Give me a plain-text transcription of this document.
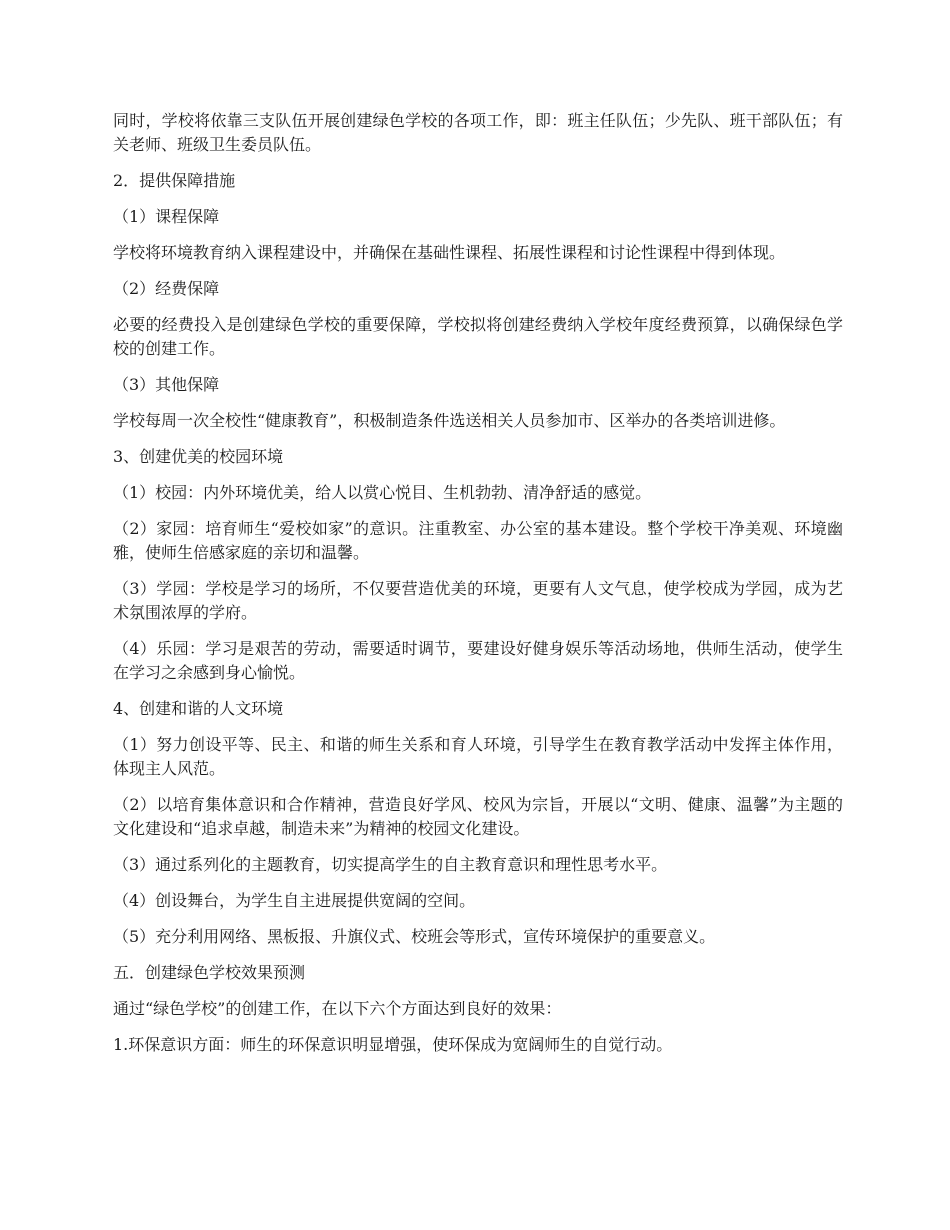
同时，学校将依靠三支队伍开展创建绿色学校的各项工作，即：班主任队伍；少先队、班干部队伍；有关老师、班级卫生委员队伍。

2．提供保障措施

（1）课程保障

学校将环境教育纳入课程建设中，并确保在基础性课程、拓展性课程和讨论性课程中得到体现。

（2）经费保障

必要的经费投入是创建绿色学校的重要保障，学校拟将创建经费纳入学校年度经费预算，以确保绿色学校的创建工作。

（3）其他保障

学校每周一次全校性“健康教育”，积极制造条件选送相关人员参加市、区举办的各类培训进修。

3、创建优美的校园环境

（1）校园：内外环境优美，给人以赏心悦目、生机勃勃、清净舒适的感觉。

（2）家园：培育师生“爱校如家”的意识。注重教室、办公室的基本建设。整个学校干净美观、环境幽雅，使师生倍感家庭的亲切和温馨。

（3）学园：学校是学习的场所，不仅要营造优美的环境，更要有人文气息，使学校成为学园，成为艺术氛围浓厚的学府。

（4）乐园：学习是艰苦的劳动，需要适时调节，要建设好健身娱乐等活动场地，供师生活动，使学生在学习之余感到身心愉悦。

4、创建和谐的人文环境

（1）努力创设平等、民主、和谐的师生关系和育人环境，引导学生在教育教学活动中发挥主体作用，体现主人风范。

（2）以培育集体意识和合作精神，营造良好学风、校风为宗旨，开展以“文明、健康、温馨”为主题的文化建设和“追求卓越，制造未来”为精神的校园文化建设。

（3）通过系列化的主题教育，切实提高学生的自主教育意识和理性思考水平。

（4）创设舞台，为学生自主进展提供宽阔的空间。

（5）充分利用网络、黑板报、升旗仪式、校班会等形式，宣传环境保护的重要意义。

五．创建绿色学校效果预测

通过“绿色学校”的创建工作，在以下六个方面达到良好的效果：

1.环保意识方面：师生的环保意识明显增强，使环保成为宽阔师生的自觉行动。
